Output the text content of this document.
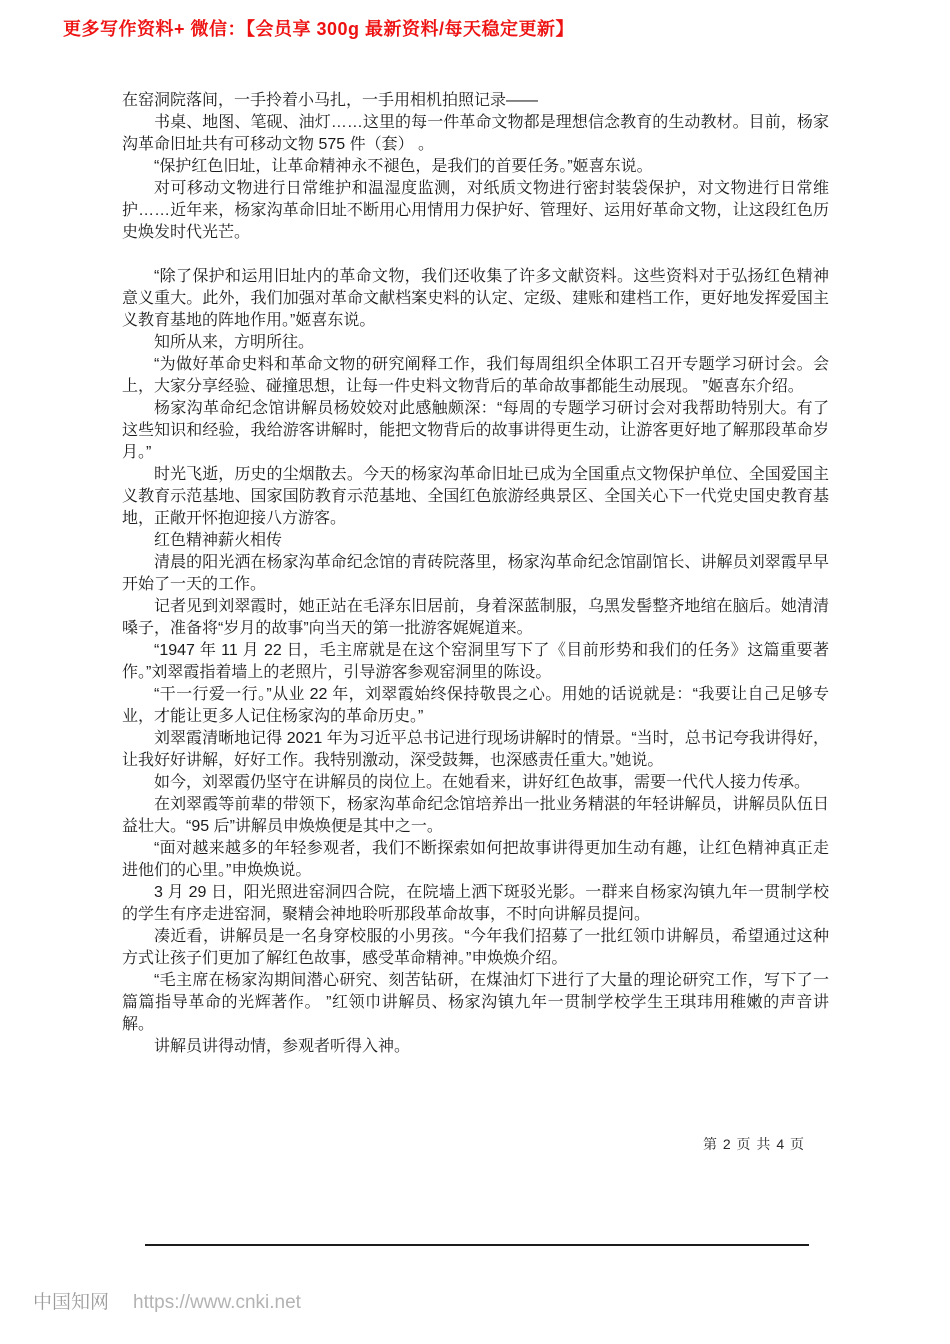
更多写作资料+ 微信：【会员享 300g 最新资料/每天稳定更新】

在窑洞院落间，一手拎着小马扎，一手用相机拍照记录——

书桌、地图、笔砚、油灯……这里的每一件革命文物都是理想信念教育的生动教材。目前，杨家沟革命旧址共有可移动文物 575 件（套） 。

“保护红色旧址，让革命精神永不褪色，是我们的首要任务。”姬喜东说。

对可移动文物进行日常维护和温湿度监测，对纸质文物进行密封装袋保护，对文物进行日常维护……近年来，杨家沟革命旧址不断用心用情用力保护好、管理好、运用好革命文物，让这段红色历史焕发时代光芒。

“除了保护和运用旧址内的革命文物，我们还收集了许多文献资料。这些资料对于弘扬红色精神意义重大。此外，我们加强对革命文献档案史料的认定、定级、建账和建档工作，更好地发挥爱国主义教育基地的阵地作用。”姬喜东说。

知所从来，方明所往。

“为做好革命史料和革命文物的研究阐释工作，我们每周组织全体职工召开专题学习研讨会。会上，大家分享经验、碰撞思想，让每一件史料文物背后的革命故事都能生动展现。 ”姬喜东介绍。

杨家沟革命纪念馆讲解员杨姣姣对此感触颇深：“每周的专题学习研讨会对我帮助特别大。有了这些知识和经验，我给游客讲解时，能把文物背后的故事讲得更生动，让游客更好地了解那段革命岁月。”

时光飞逝，历史的尘烟散去。今天的杨家沟革命旧址已成为全国重点文物保护单位、全国爱国主义教育示范基地、国家国防教育示范基地、全国红色旅游经典景区、全国关心下一代党史国史教育基地，正敞开怀抱迎接八方游客。

红色精神薪火相传

清晨的阳光洒在杨家沟革命纪念馆的青砖院落里，杨家沟革命纪念馆副馆长、讲解员刘翠霞早早开始了一天的工作。

记者见到刘翠霞时，她正站在毛泽东旧居前，身着深蓝制服，乌黑发髻整齐地绾在脑后。她清清嗓子，准备将“岁月的故事”向当天的第一批游客娓娓道来。

“1947 年 11 月 22 日，毛主席就是在这个窑洞里写下了《目前形势和我们的任务》这篇重要著作。”刘翠霞指着墙上的老照片，引导游客参观窑洞里的陈设。

“干一行爱一行。”从业 22 年，刘翠霞始终保持敬畏之心。用她的话说就是：“我要让自己足够专业，才能让更多人记住杨家沟的革命历史。”

刘翠霞清晰地记得 2021 年为习近平总书记进行现场讲解时的情景。“当时，总书记夸我讲得好，让我好好讲解，好好工作。我特别激动，深受鼓舞，也深感责任重大。”她说。

如今，刘翠霞仍坚守在讲解员的岗位上。在她看来，讲好红色故事，需要一代代人接力传承。

在刘翠霞等前辈的带领下，杨家沟革命纪念馆培养出一批业务精湛的年轻讲解员，讲解员队伍日益壮大。“95 后”讲解员申焕焕便是其中之一。

“面对越来越多的年轻参观者，我们不断探索如何把故事讲得更加生动有趣，让红色精神真正走进他们的心里。”申焕焕说。

3 月 29 日，阳光照进窑洞四合院，在院墙上洒下斑驳光影。一群来自杨家沟镇九年一贯制学校的学生有序走进窑洞，聚精会神地聆听那段革命故事，不时向讲解员提问。

凑近看，讲解员是一名身穿校服的小男孩。“今年我们招募了一批红领巾讲解员，希望通过这种方式让孩子们更加了解红色故事，感受革命精神。”申焕焕介绍。

“毛主席在杨家沟期间潜心研究、刻苦钻研，在煤油灯下进行了大量的理论研究工作，写下了一篇篇指导革命的光辉著作。 ”红领巾讲解员、杨家沟镇九年一贯制学校学生王琪玮用稚嫩的声音讲解。

讲解员讲得动情，参观者听得入神。

第 2 页 共 4 页
中国知网 https://www.cnki.net
